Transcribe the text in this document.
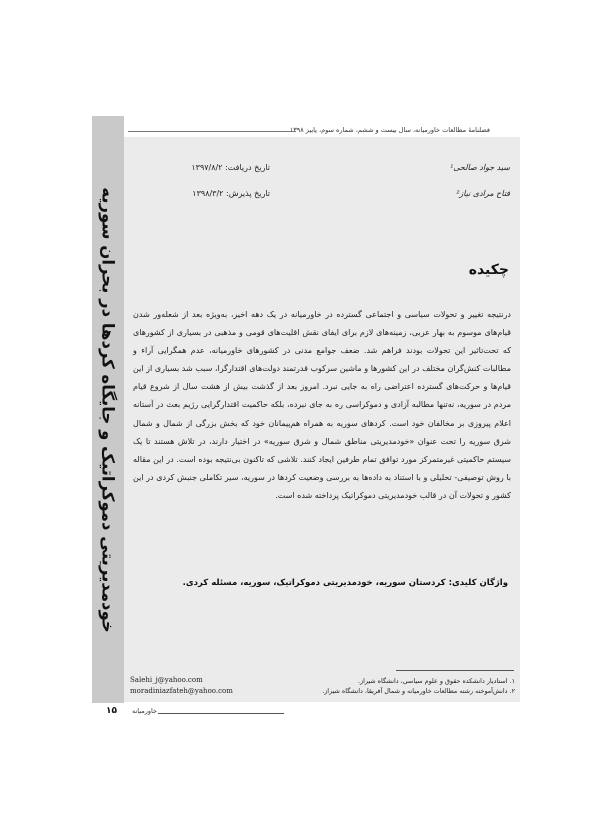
فصلنامهٔ مطالعات خاورمیانه، سال بیست و ششم، شماره سوم، پاییز ۱۳۹۸
خودمدیریتی دموکراتیک و جایگاه کردها در بحران سوریه
سید جواد صالحی¹
فتاح مرادی نیاز²
تاریخ دریافت: ۱۳۹۷/۸/۲
تاریخ پذیرش: ۱۳۹۸/۳/۲
چکیده
درنتیجه تغییر و تحولات سیاسی و اجتماعی گسترده در خاورمیانه در یک دهه اخیر، به‌ویژه بعد از شعله‌ور شدن قیام‌های موسوم به بهار عربی، زمینه‌های لازم برای ایفای نقش اقلیت‌های قومی و مذهبی در بسیاری از کشورهای که تحت‌تاثیر این تحولات بودند فراهم شد. ضعف جوامع مدنی در کشورهای خاورمیانه، عدم همگرایی آراء و مطالبات کنش‌گران مختلف در این کشورها و ماشین سرکوب قدرتمند دولت‌های اقتدارگرا، سبب شد بسیاری از این قیام‌ها و حرکت‌های گسترده اعتراضی راه به جایی نبرد. امروز بعد از گذشت بیش از هشت سال از شروع قیام مردم در سوریه، نه‌تنها مطالبه آزادی و دموکراسی ره به جای نبرده، بلکه حاکمیت اقتدارگرایی رژیم بعث در آستانه اعلام پیروزی بر مخالفان خود است. کردهای سوریه به همراه هم‌پیمانان خود که بخش بزرگی از شمال و شمال شرق سوریه را تحت عنوان «خودمدیریتی مناطق شمال و شرق سوریه» در اختیار دارند، در تلاش هستند تا یک سیستم حاکمیتی غیرمتمرکز مورد توافق تمام طرفین ایجاد کنند. تلاشی که تاکنون بی‌نتیجه بوده است. در این مقاله با روش توصیفی- تحلیلی و با استناد به داده‌ها به بررسی وضعیت کردها در سوریه، سیر تکاملی جنبش کردی در این کشور و تحولات آن در قالب خودمدیریتی دموکراتیک پرداخته شده است.
واژگان کلیدی: کردستان سوریه، خودمدیریتی دموکراتیک، سوریه، مسئله کردی.
Salehi_j@yahoo.com
moradiniazfateh@yahoo.com
۱. استادیار دانشکده حقوق و علوم سیاسی، دانشگاه شیراز.
۲. دانش‌آموخته رشته مطالعات خاورمیانه و شمال آفریقا، دانشگاه شیراز.
۱۵ خاورمیانه
